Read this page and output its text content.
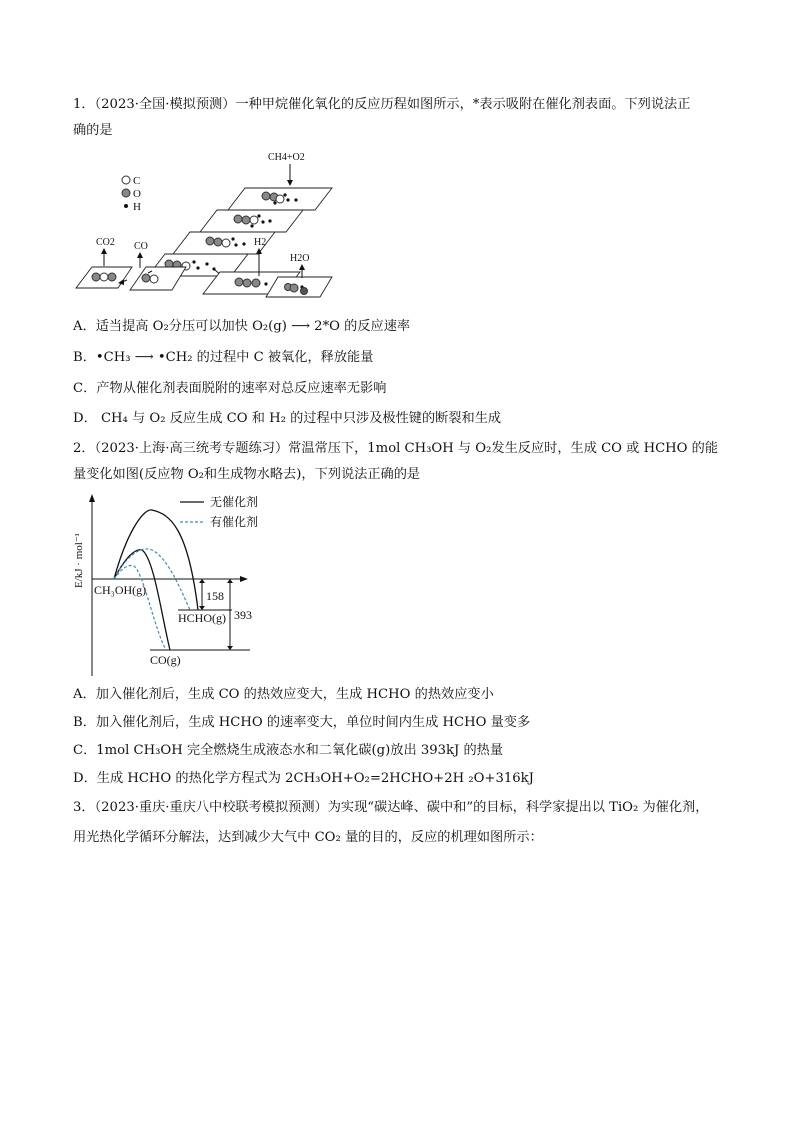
1．（2023·全国·模拟预测）一种甲烷催化氧化的反应历程如图所示，*表示吸附在催化剂表面。下列说法正
确的是
C
O
H
CH4+O2
H2
H2O
CO2 CO
A．适当提高 O₂分压可以加快 O₂(g) ⟶ 2*O 的反应速率
B．•CH₃ ⟶ •CH₂ 的过程中 C 被氧化，释放能量
C．产物从催化剂表面脱附的速率对总反应速率无影响
D． CH₄ 与 O₂ 反应生成 CO 和 H₂ 的过程中只涉及极性键的断裂和生成
2．（2023·上海·高三统考专题练习）常温常压下，1mol CH₃OH 与 O₂发生反应时，生成 CO 或 HCHO 的能
量变化如图(反应物 O₂和生成物水略去)，下列说法正确的是
E/kJ · mol⁻¹
无催化剂
有催化剂
158
393
CH₃OH(g)
HCHO(g)
CO(g)
A．加入催化剂后，生成 CO 的热效应变大，生成 HCHO 的热效应变小
B．加入催化剂后，生成 HCHO 的速率变大，单位时间内生成 HCHO 量变多
C．1mol CH₃OH 完全燃烧生成液态水和二氧化碳(g)放出 393kJ 的热量
D．生成 HCHO 的热化学方程式为 2CH₃OH+O₂=2HCHO+2H ₂O+316kJ
3．（2023·重庆·重庆八中校联考模拟预测）为实现“碳达峰、碳中和”的目标，科学家提出以 TiO₂ 为催化剂，
用光热化学循环分解法，达到减少大气中 CO₂ 量的目的，反应的机理如图所示：
